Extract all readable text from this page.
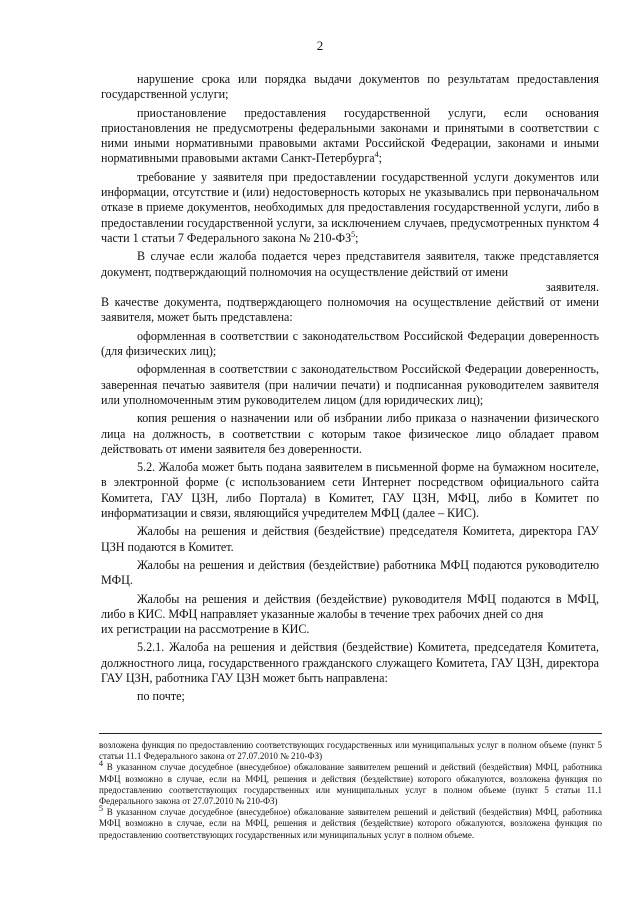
2

нарушение срока или порядка выдачи документов по результатам предоставления государственной услуги;

приостановление предоставления государственной услуги, если основания приостановления не предусмотрены федеральными законами и принятыми в соответствии с ними иными нормативными правовыми актами Российской Федерации, законами и иными нормативными правовыми актами Санкт-Петербурга$^4$;

требование у заявителя при предоставлении государственной услуги документов или информации, отсутствие и (или) недостоверность которых не указывались при первоначальном отказе в приеме документов, необходимых для предоставления государственной услуги, либо в предоставлении государственной услуги, за исключением случаев, предусмотренных пунктом 4 части 1 статьи 7 Федерального закона № $210-ФЗ^5$;

В случае если жалоба подается через представителя заявителя, также представляется документ, подтверждающий полномочия на осуществление действий от имени

заявителя.

В качестве документа, подтверждающего полномочия на осуществление действий от имени заявителя, может быть представлена:

оформленная в соответствии с законодательством Российской Федерации доверенность (для физических лиц);

оформленная в соответствии с законодательством Российской Федерации доверенность, заверенная печатью заявителя (при наличии печати) и подписанная руководителем заявителя или уполномоченным этим руководителем лицом (для юридических лиц);

копия решения о назначении или об избрании либо приказа о назначении физического лица на должность, в соответствии с которым такое физическое лицо обладает правом действовать от имени заявителя без доверенности.

5.2. Жалоба может быть подана заявителем в письменной форме на бумажном носителе, в электронной форме (с использованием сети Интернет посредством официального сайта Комитета, ГАУ ЦЗН, либо Портала) в Комитет, ГАУ ЦЗН, МФЦ, либо в Комитет по информатизации и связи, являющийся учредителем МФЦ (далее – КИС).

Жалобы на решения и действия (бездействие) председателя Комитета, директора ГАУ ЦЗН подаются в Комитет.

Жалобы на решения и действия (бездействие) работника МФЦ подаются руководителю МФЦ.

Жалобы на решения и действия (бездействие) руководителя МФЦ подаются в МФЦ, либо в КИС. МФЦ направляет указанные жалобы в течение трех рабочих дней со дня

их регистрации на рассмотрение в КИС.

5.2.1. Жалоба на решения и действия (бездействие) Комитета, председателя Комитета, должностного лица, государственного гражданского служащего Комитета, ГАУ ЦЗН, директора ГАУ ЦЗН, работника ГАУ ЦЗН может быть направлена:

по почте;

возложена функция по предоставлению соответствующих государственных или муниципальных услуг в полном объеме (пункт 5 статьи 11.1 Федерального закона от 27.07.2010 № 210-ФЗ)

$^4$ В указанном случае досудебное (внесудебное) обжалование заявителем решений и действий (бездействия) МФЦ, работника МФЦ возможно в случае, если на МФЦ, решения и действия (бездействие) которого обжалуются, возложена функция по предоставлению соответствующих государственных или муниципальных услуг в полном объеме (пункт 5 статьи 11.1 Федерального закона от 27.07.2010 № 210-ФЗ)

$^5$ В указанном случае досудебное (внесудебное) обжалование заявителем решений и действий (бездействия) МФЦ, работника МФЦ возможно в случае, если на МФЦ, решения и действия (бездействие) которого обжалуются, возложена функция по предоставлению соответствующих государственных или муниципальных услуг в полном объеме.
